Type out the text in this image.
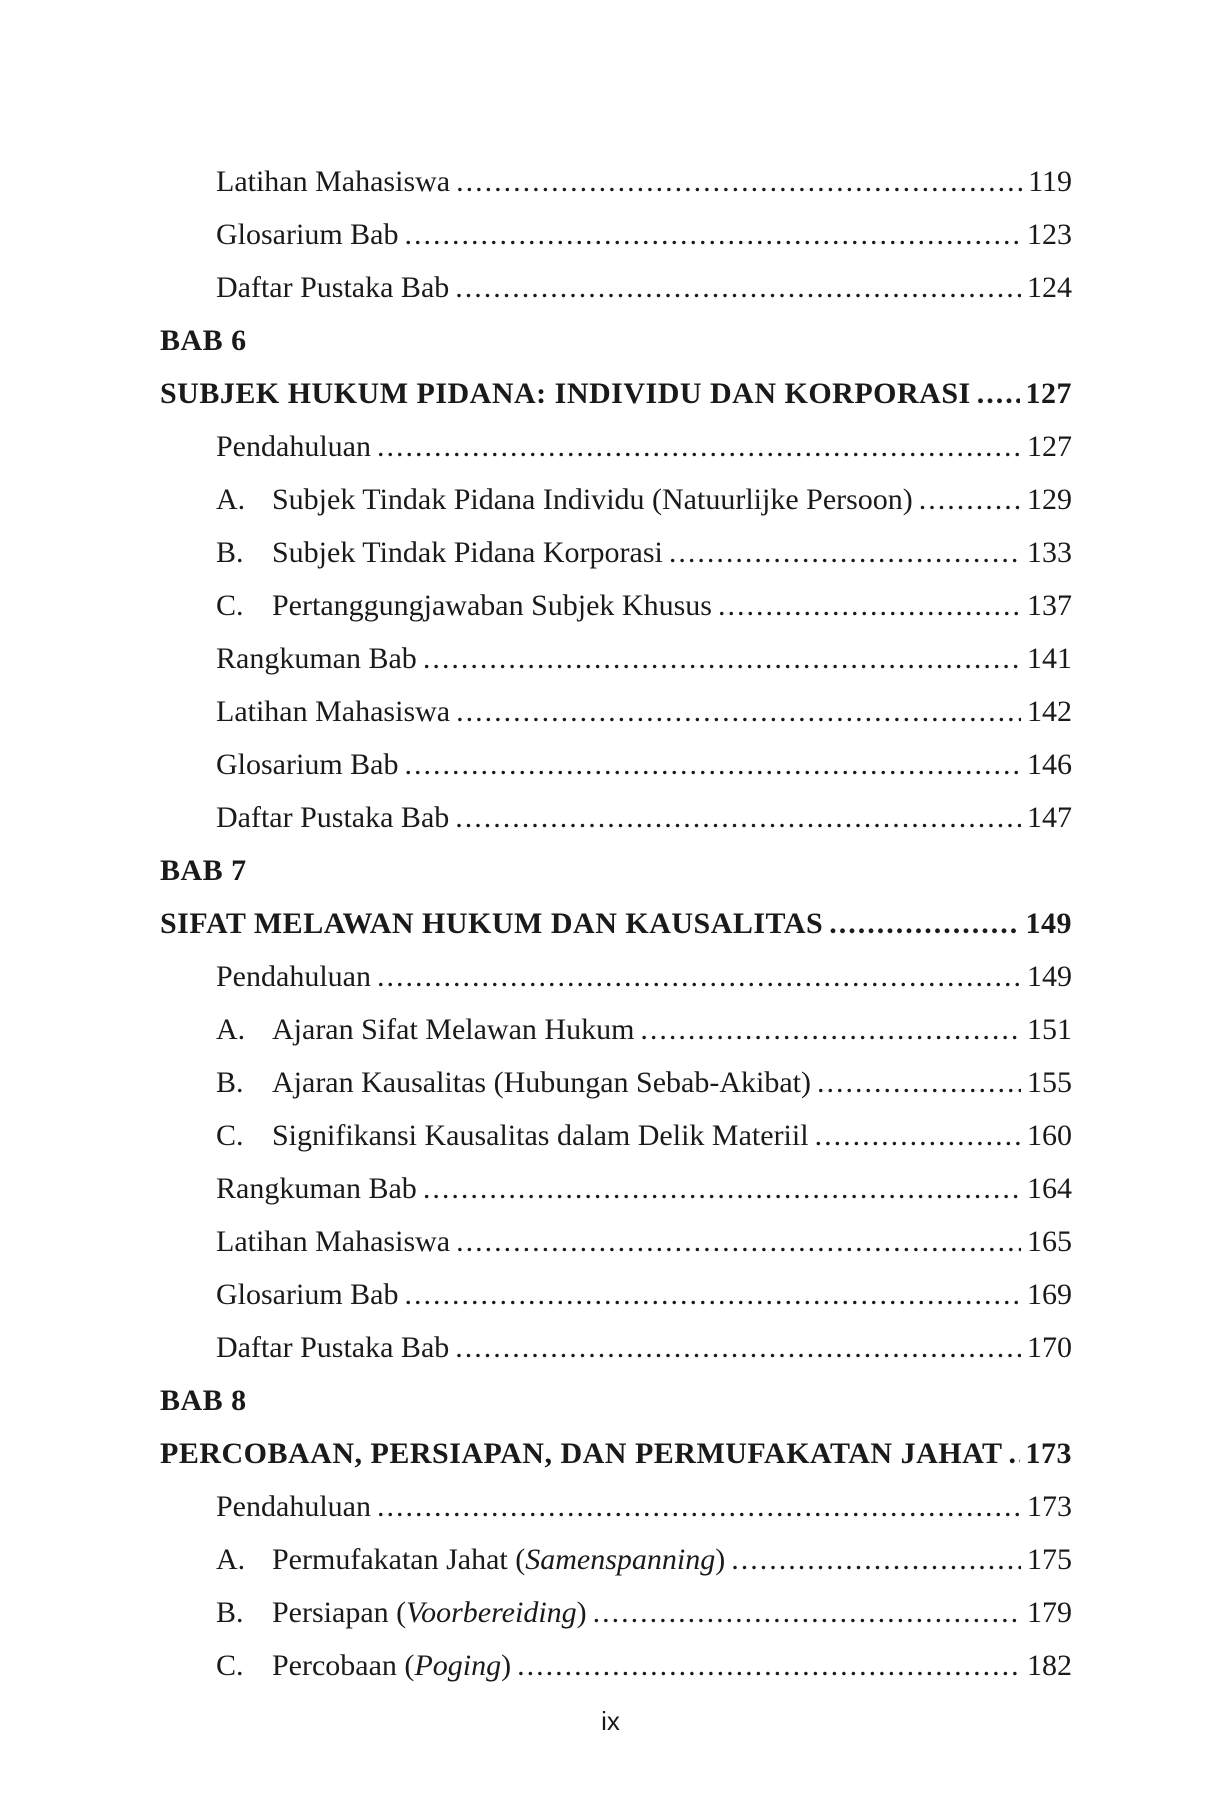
Latihan Mahasiswa .....	119
Glosarium Bab .....	123
Daftar Pustaka Bab .....	124
BAB 6
SUBJEK HUKUM PIDANA: INDIVIDU DAN KORPORASI ..... 127
Pendahuluan .....	127
A. Subjek Tindak Pidana Individu (Natuurlijke Persoon) .....	129
B. Subjek Tindak Pidana Korporasi .....	133
C. Pertanggungjawaban Subjek Khusus .....	137
Rangkuman Bab .....	141
Latihan Mahasiswa .....	142
Glosarium Bab .....	146
Daftar Pustaka Bab .....	147
BAB 7
SIFAT MELAWAN HUKUM DAN KAUSALITAS .....	149
Pendahuluan .....	149
A. Ajaran Sifat Melawan Hukum .....	151
B. Ajaran Kausalitas (Hubungan Sebab-Akibat) .....	155
C. Signifikansi Kausalitas dalam Delik Materiil .....	160
Rangkuman Bab .....	164
Latihan Mahasiswa .....	165
Glosarium Bab .....	169
Daftar Pustaka Bab .....	170
BAB 8
PERCOBAAN, PERSIAPAN, DAN PERMUFAKATAN JAHAT ..... 173
Pendahuluan .....	173
A. Permufakatan Jahat (Samenspanning) .....	175
B. Persiapan (Voorbereiding) .....	179
C. Percobaan (Poging) .....	182
ix
